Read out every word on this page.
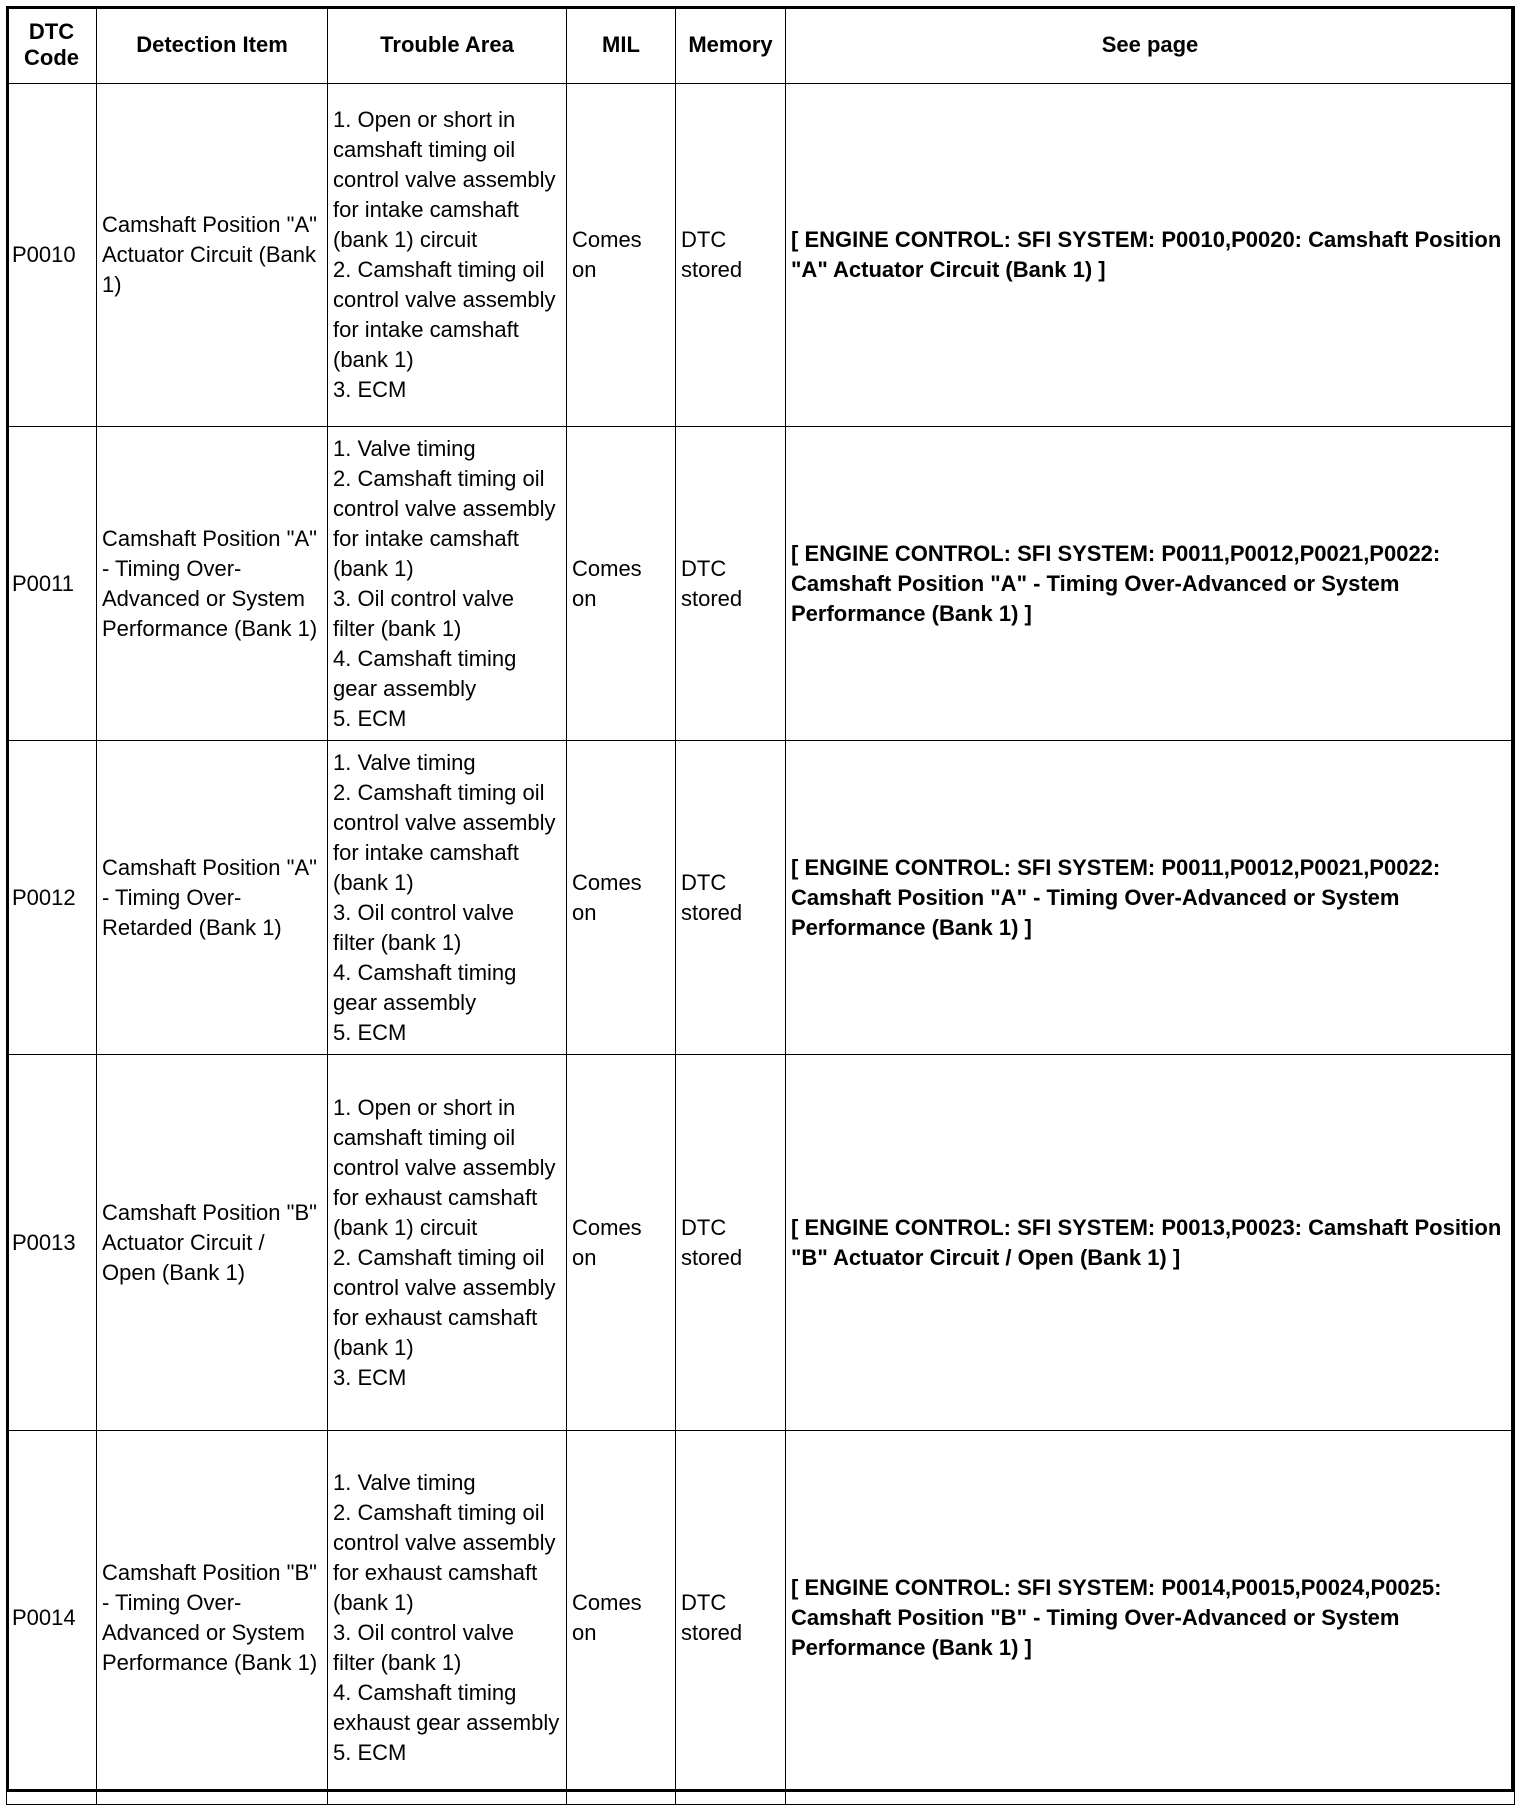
DTC Code	Detection Item	Trouble Area	MIL	Memory	See page
P0010	Camshaft Position "A" Actuator Circuit (Bank 1)	1. Open or short in camshaft timing oil control valve assembly for intake camshaft (bank 1) circuit
2. Camshaft timing oil control valve assembly for intake camshaft (bank 1)
3. ECM	Comes on	DTC stored	[ ENGINE CONTROL: SFI SYSTEM: P0010,P0020: Camshaft Position "A" Actuator Circuit (Bank 1) ]
P0011	Camshaft Position "A" - Timing Over-Advanced or System Performance (Bank 1)	1. Valve timing
2. Camshaft timing oil control valve assembly for intake camshaft (bank 1)
3. Oil control valve filter (bank 1)
4. Camshaft timing gear assembly
5. ECM	Comes on	DTC stored	[ ENGINE CONTROL: SFI SYSTEM: P0011,P0012,P0021,P0022: Camshaft Position "A" - Timing Over-Advanced or System Performance (Bank 1) ]
P0012	Camshaft Position "A" - Timing Over-Retarded (Bank 1)	1. Valve timing
2. Camshaft timing oil control valve assembly for intake camshaft (bank 1)
3. Oil control valve filter (bank 1)
4. Camshaft timing gear assembly
5. ECM	Comes on	DTC stored	[ ENGINE CONTROL: SFI SYSTEM: P0011,P0012,P0021,P0022: Camshaft Position "A" - Timing Over-Advanced or System Performance (Bank 1) ]
P0013	Camshaft Position "B" Actuator Circuit / Open (Bank 1)	1. Open or short in camshaft timing oil control valve assembly for exhaust camshaft (bank 1) circuit
2. Camshaft timing oil control valve assembly for exhaust camshaft (bank 1)
3. ECM	Comes on	DTC stored	[ ENGINE CONTROL: SFI SYSTEM: P0013,P0023: Camshaft Position "B" Actuator Circuit / Open (Bank 1) ]
P0014	Camshaft Position "B" - Timing Over-Advanced or System Performance (Bank 1)	1. Valve timing
2. Camshaft timing oil control valve assembly for exhaust camshaft (bank 1)
3. Oil control valve filter (bank 1)
4. Camshaft timing exhaust gear assembly
5. ECM	Comes on	DTC stored	[ ENGINE CONTROL: SFI SYSTEM: P0014,P0015,P0024,P0025: Camshaft Position "B" - Timing Over-Advanced or System Performance (Bank 1) ]
